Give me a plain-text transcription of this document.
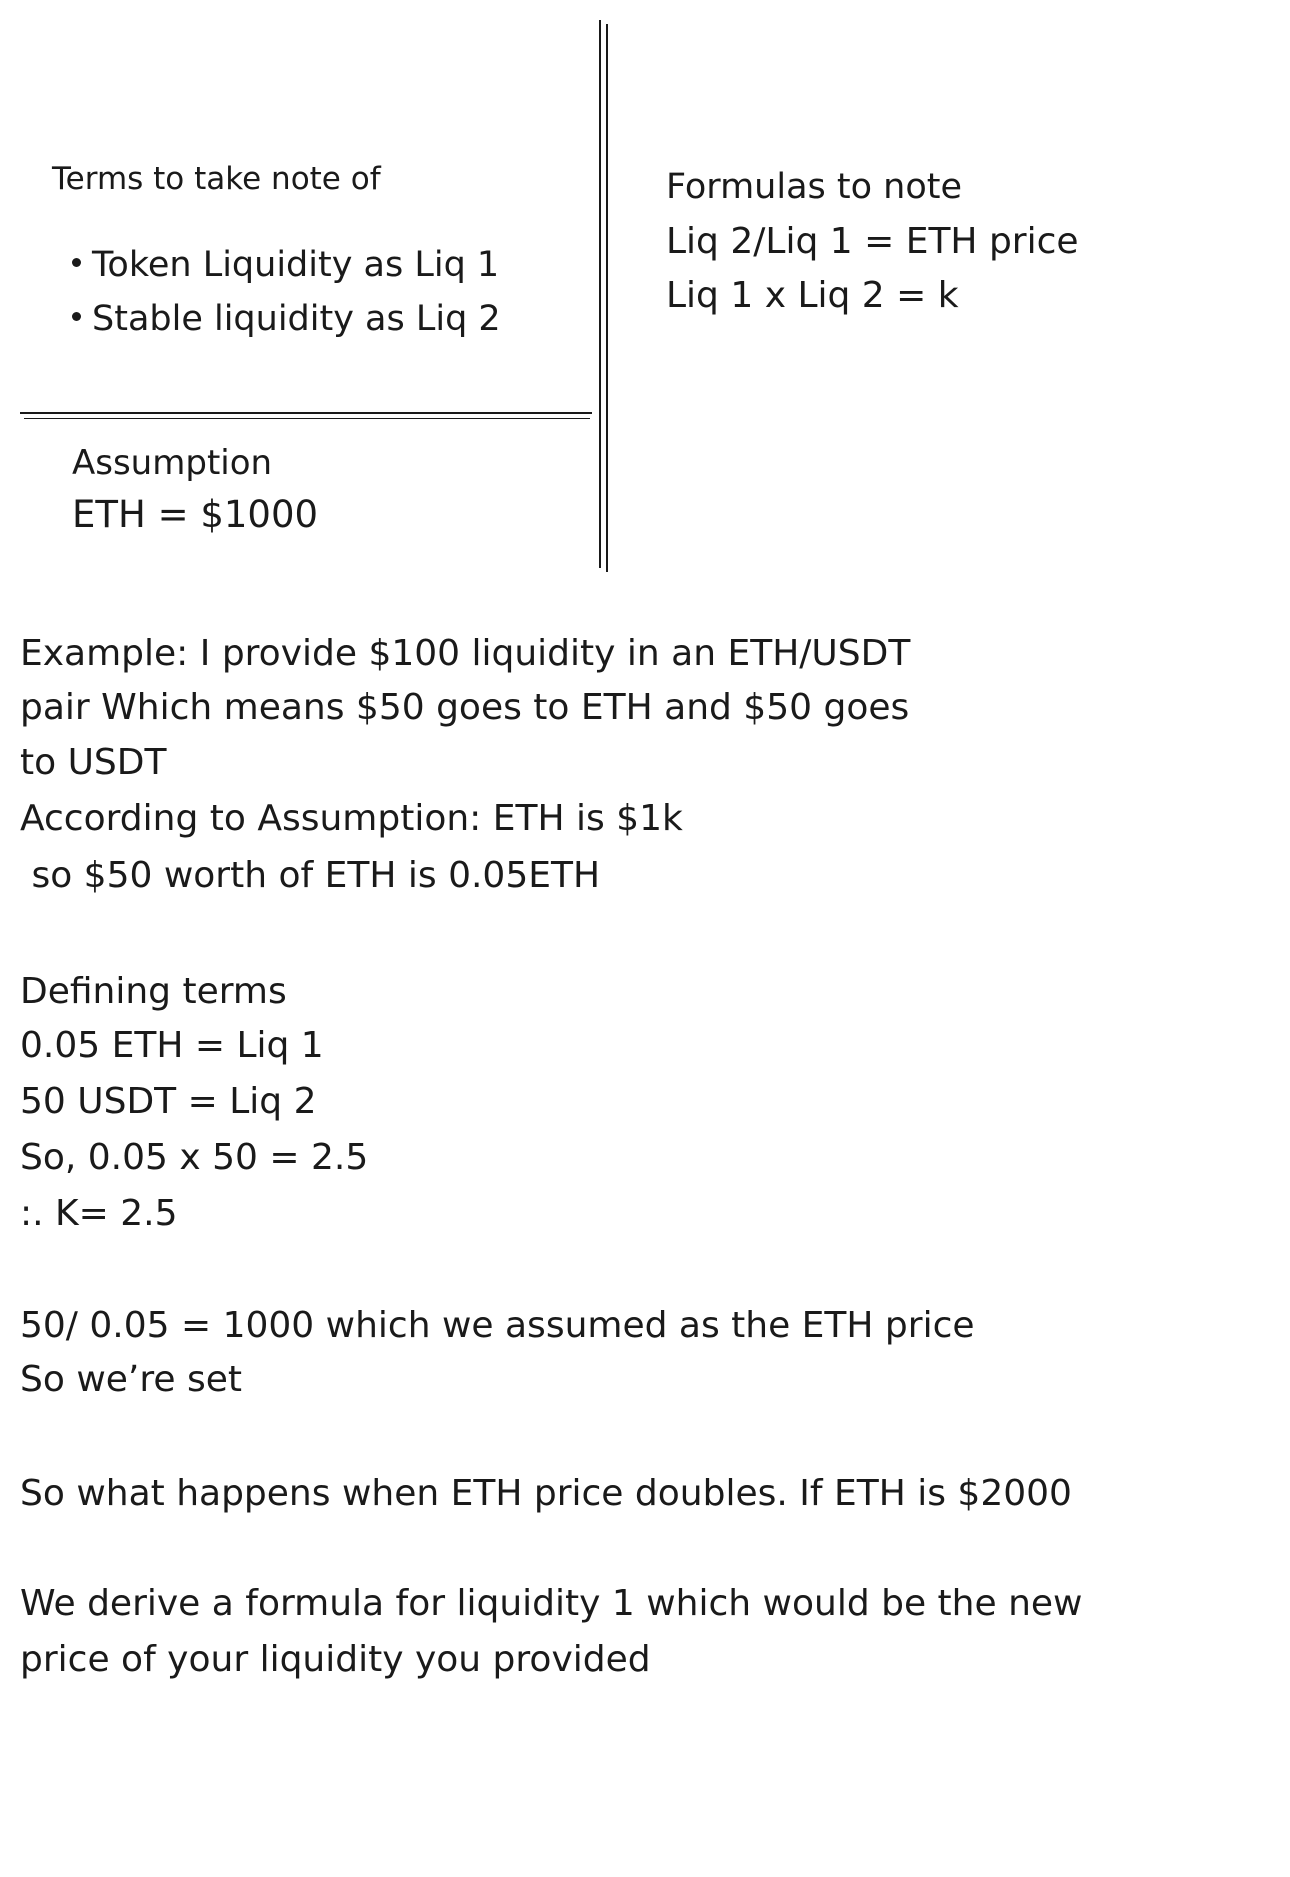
Terms to take note of
Token Liquidity as Liq 1
Stable liquidity as Liq 2
Assumption
ETH = $1000
Formulas to note
Liq 2/Liq 1 = ETH price
Liq 1 x Liq 2 = k
Example: I provide $100 liquidity in an ETH/USDT
pair Which means $50 goes to ETH and $50 goes
to USDT
According to Assumption: ETH is $1k
so $50 worth of ETH is 0.05ETH
Defining terms
0.05 ETH = Liq 1
50 USDT = Liq 2
So, 0.05 x 50 = 2.5
:. K= 2.5
50/ 0.05 = 1000 which we assumed as the ETH price
So we’re set
So what happens when ETH price doubles. If ETH is $2000
We derive a formula for liquidity 1 which would be the new
price of your liquidity you provided
